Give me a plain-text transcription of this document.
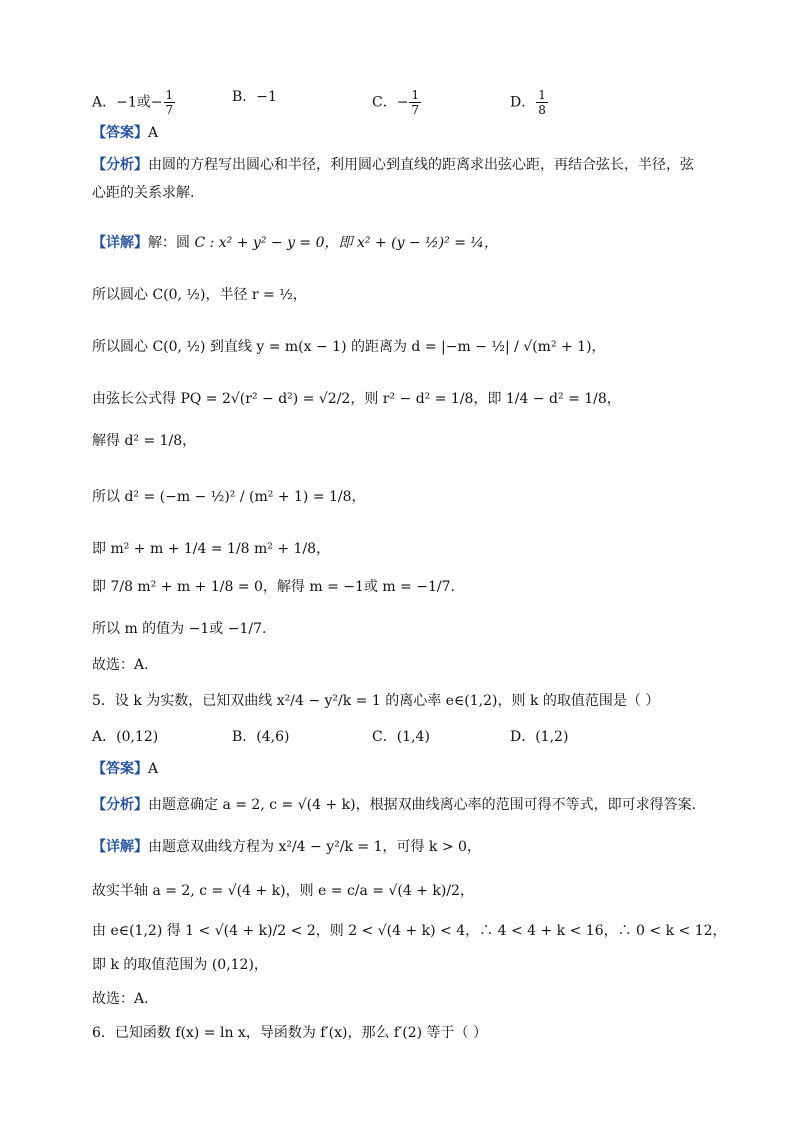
A．−1或− $\frac{1}{7}$	B．−1	C．− $\frac{1}{7}$	D． $\frac{1}{8}$
【答案】A
【分析】由圆的方程写出圆心和半径，利用圆心到直线的距离求出弦心距，再结合弦长，半径，弦
心距的关系求解.
【详解】解：圆 C : x² + y² − y = 0，即 x² + (y − ½)² = ¼，
所以圆心 C(0, ½)，半径 r = ½，
所以圆心 C(0, ½) 到直线 y = m(x − 1) 的距离为 d = |−m − ½| / √(m² + 1)，
由弦长公式得 PQ = 2√(r² − d²) = √2/2，则 r² − d² = 1/8，即 1/4 − d² = 1/8，
解得 d² = 1/8，
所以 d² = (−m − ½)² / (m² + 1) = 1/8，
即 m² + m + 1/4 = 1/8 m² + 1/8，
即 7/8 m² + m + 1/8 = 0，解得 m = −1或 m = −1/7.
所以 m 的值为 −1或 −1/7.
故选：A.
5．设 k 为实数，已知双曲线 x²/4 − y²/k = 1 的离心率 e∈(1,2)，则 k 的取值范围是（ ）
A．(0,12)	B．(4,6)	C．(1,4)	D．(1,2)
【答案】A
【分析】由题意确定 a = 2, c = √(4 + k)，根据双曲线离心率的范围可得不等式，即可求得答案.
【详解】由题意双曲线方程为 x²/4 − y²/k = 1，可得 k > 0，
故实半轴 a = 2, c = √(4 + k)，则 e = c/a = √(4 + k)/2，
由 e∈(1,2) 得 1 < √(4 + k)/2 < 2，则 2 < √(4 + k) < 4，∴ 4 < 4 + k < 16，∴ 0 < k < 12，
即 k 的取值范围为 (0,12)，
故选：A.
6．已知函数 f(x) = ln x，导函数为 f′(x)，那么 f′(2) 等于（ ）
